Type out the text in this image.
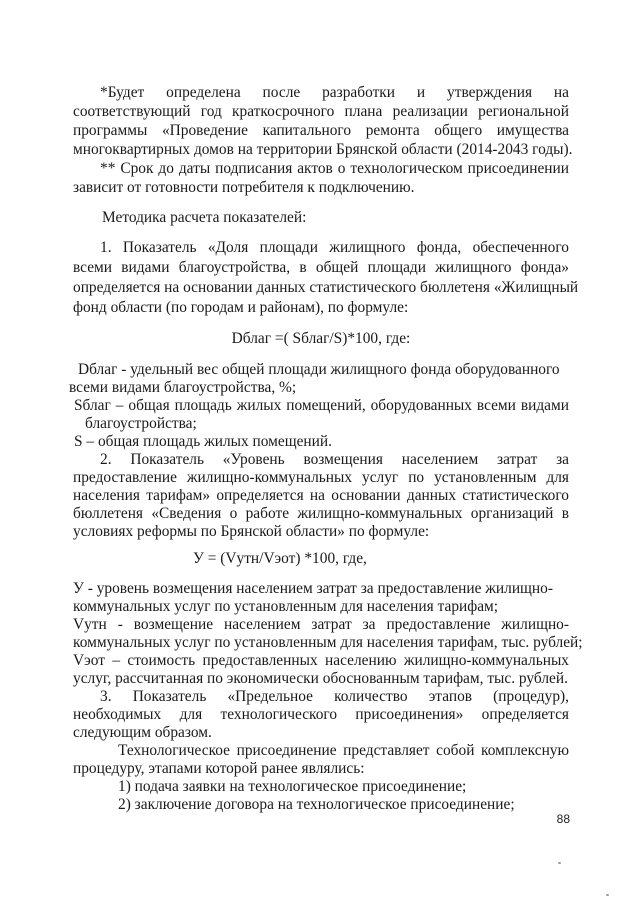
*Будет определена после разработки и утверждения на
соответствующий год краткосрочного плана реализации региональной
программы «Проведение капитального ремонта общего имущества
многоквартирных домов на территории Брянской области (2014-2043 годы).
** Срок до даты подписания актов о технологическом присоединении
зависит от готовности потребителя к подключению.
Методика расчета показателей:
1. Показатель «Доля площади жилищного фонда, обеспеченного
всеми видами благоустройства, в общей площади жилищного фонда»
определяется на основании данных статистического бюллетеня «Жилищный
фонд области (по городам и районам), по формуле:
Dблаг =( Sблаг/S)*100, где:
Dблаг - удельный вес общей площади жилищного фонда оборудованного
всеми видами благоустройства, %;
Sблаг – общая площадь жилых помещений, оборудованных всеми видами
благоустройства;
S – общая площадь жилых помещений.
2. Показатель «Уровень возмещения населением затрат за
предоставление жилищно-коммунальных услуг по установленным для
населения тарифам» определяется на основании данных статистического
бюллетеня «Сведения о работе жилищно-коммунальных организаций в
условиях реформы по Брянской области» по формуле:
У = (Vутн/Vэот) *100, где,
У - уровень возмещения населением затрат за предоставление жилищно-
коммунальных услуг по установленным для населения тарифам;
Vутн - возмещение населением затрат за предоставление жилищно-
коммунальных услуг по установленным для населения тарифам, тыс. рублей;
Vэот – стоимость предоставленных населению жилищно-коммунальных
услуг, рассчитанная по экономически обоснованным тарифам, тыс. рублей.
3. Показатель «Предельное количество этапов (процедур),
необходимых для технологического присоединения» определяется
следующим образом.
Технологическое присоединение представляет собой комплексную
процедуру, этапами которой ранее являлись:
1) подача заявки на технологическое присоединение;
2) заключение договора на технологическое присоединение;
88
